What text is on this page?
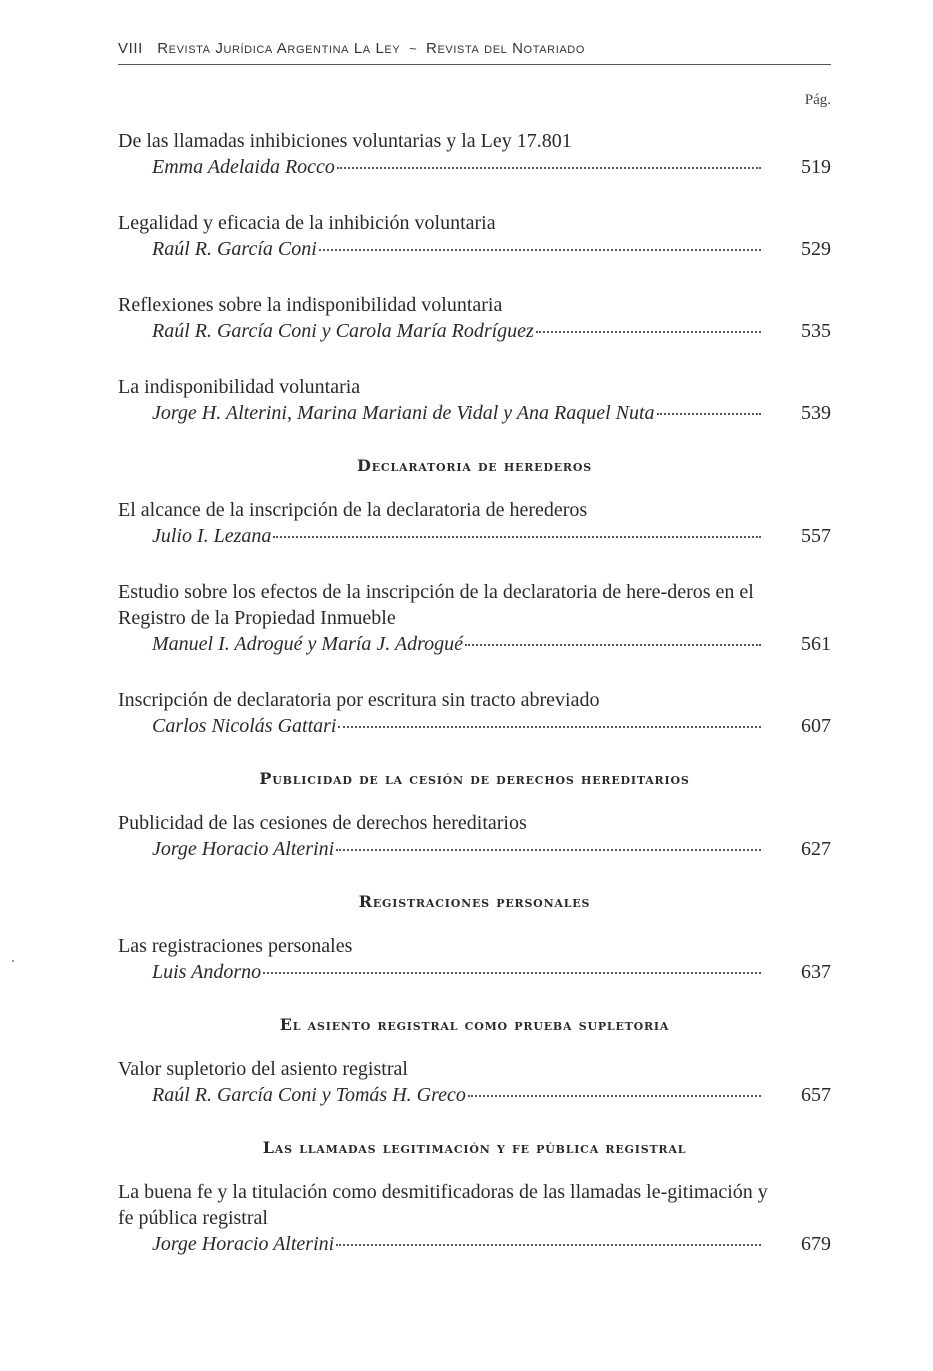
VIII Revista Jurídica Argentina La Ley ~ Revista del Notariado
Pág.
De las llamadas inhibiciones voluntarias y la Ley 17.801
Emma Adelaida Rocco	519
Legalidad y eficacia de la inhibición voluntaria
Raúl R. García Coni	529
Reflexiones sobre la indisponibilidad voluntaria
Raúl R. García Coni y Carola María Rodríguez	535
La indisponibilidad voluntaria
Jorge H. Alterini, Marina Mariani de Vidal y Ana Raquel Nuta	539
Declaratoria de herederos
El alcance de la inscripción de la declaratoria de herederos
Julio I. Lezana	557
Estudio sobre los efectos de la inscripción de la declaratoria de here-deros en el Registro de la Propiedad Inmueble
Manuel I. Adrogué y María J. Adrogué	561
Inscripción de declaratoria por escritura sin tracto abreviado
Carlos Nicolás Gattari	607
Publicidad de la cesión de derechos hereditarios
Publicidad de las cesiones de derechos hereditarios
Jorge Horacio Alterini	627
Registraciones personales
Las registraciones personales
Luis Andorno	637
El asiento registral como prueba supletoria
Valor supletorio del asiento registral
Raúl R. García Coni y Tomás H. Greco	657
Las llamadas legitimación y fe pública registral
La buena fe y la titulación como desmitificadoras de las llamadas le-gitimación y fe pública registral
Jorge Horacio Alterini	679
